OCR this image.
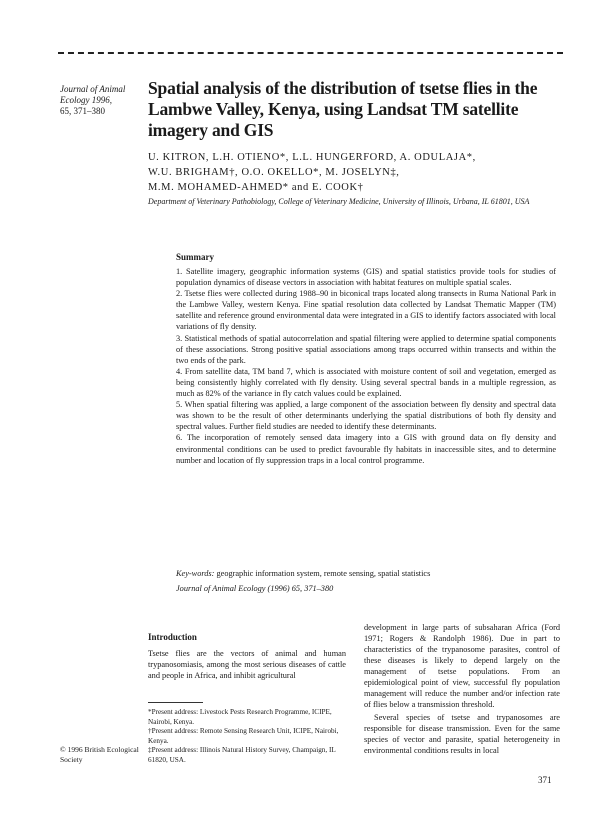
Journal of Animal
Ecology 1996,
65, 371–380
Spatial analysis of the distribution of tsetse flies in the Lambwe Valley, Kenya, using Landsat TM satellite imagery and GIS
U. KITRON, L.H. OTIENO*, L.L. HUNGERFORD, A. ODULAJA*,
W.U. BRIGHAM†, O.O. OKELLO*, M. JOSELYN‡,
M.M. MOHAMED-AHMED* and E. COOK†
Department of Veterinary Pathobiology, College of Veterinary Medicine, University of Illinois, Urbana, IL 61801, USA
Summary

1. Satellite imagery, geographic information systems (GIS) and spatial statistics provide tools for studies of population dynamics of disease vectors in association with habitat features on multiple spatial scales.

2. Tsetse flies were collected during 1988–90 in biconical traps located along transects in Ruma National Park in the Lambwe Valley, western Kenya. Fine spatial resolution data collected by Landsat Thematic Mapper (TM) satellite and reference ground environmental data were integrated in a GIS to identify factors associated with local variations of fly density.

3. Statistical methods of spatial autocorrelation and spatial filtering were applied to determine spatial components of these associations. Strong positive spatial associations among traps occurred within transects and within the two ends of the park.

4. From satellite data, TM band 7, which is associated with moisture content of soil and vegetation, emerged as being consistently highly correlated with fly density. Using several spectral bands in a multiple regression, as much as 82% of the variance in fly catch values could be explained.

5. When spatial filtering was applied, a large component of the association between fly density and spectral data was shown to be the result of other determinants underlying the spatial distributions of both fly density and spectral values. Further field studies are needed to identify these determinants.

6. The incorporation of remotely sensed data imagery into a GIS with ground data on fly density and environmental conditions can be used to predict favourable fly habitats in inaccessible sites, and to determine number and location of fly suppression traps in a local control programme.

Key-words: geographic information system, remote sensing, spatial statistics
Journal of Animal Ecology (1996) 65, 371–380
Introduction

Tsetse flies are the vectors of animal and human trypanosomiasis, among the most serious diseases of cattle and people in Africa, and inhibit agricultural

*Present address: Livestock Pests Research Programme, ICIPE, Nairobi, Kenya.

†Present address: Remote Sensing Research Unit, ICIPE, Nairobi, Kenya.

‡Present address: Illinois Natural History Survey, Champaign, IL 61820, USA.

development in large parts of subsaharan Africa (Ford 1971; Rogers & Randolph 1986). Due in part to characteristics of the trypanosome parasites, control of these diseases is likely to depend largely on the management of tsetse populations. From an epidemiological point of view, successful fly population management will reduce the number and/or infection rate of flies below a transmission threshold.

Several species of tsetse and trypanosomes are responsible for disease transmission. Even for the same species of vector and parasite, spatial heterogeneity in environmental conditions results in local

© 1996 British Ecological Society
371
